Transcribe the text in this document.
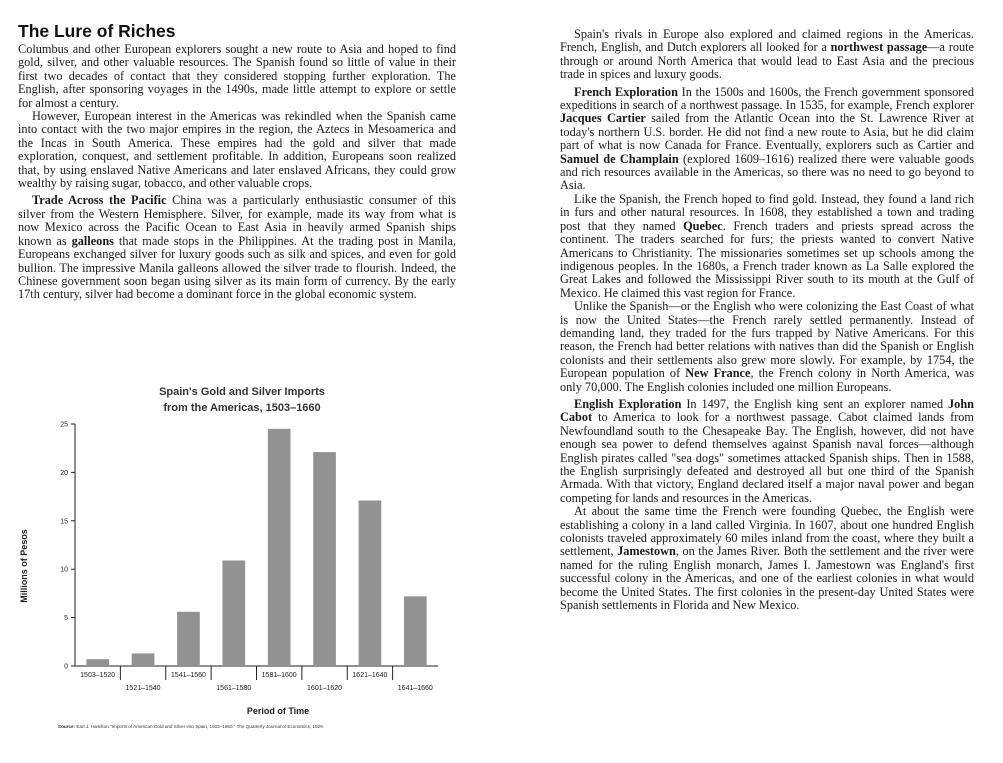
The Lure of Riches

Columbus and other European explorers sought a new route to Asia and hoped to find gold, silver, and other valuable resources. The Spanish found so little of value in their first two decades of contact that they considered stopping further exploration. The English, after sponsoring voyages in the 1490s, made little attempt to explore or settle for almost a century.

However, European interest in the Americas was rekindled when the Spanish came into contact with the two major empires in the region, the Aztecs in Mesoamerica and the Incas in South America. These empires had the gold and silver that made exploration, conquest, and settlement profitable. In addition, Europeans soon realized that, by using enslaved Native Americans and later enslaved Africans, they could grow wealthy by raising sugar, tobacco, and other valuable crops.

Trade Across the Pacific China was a particularly enthusiastic consumer of this silver from the Western Hemisphere. Silver, for example, made its way from what is now Mexico across the Pacific Ocean to East Asia in heavily armed Spanish ships known as galleons that made stops in the Philippines. At the trading post in Manila, Europeans exchanged silver for luxury goods such as silk and spices, and even for gold bullion. The impressive Manila galleons allowed the silver trade to flourish. Indeed, the Chinese government soon began using silver as its main form of currency. By the early 17th century, silver had become a dominant force in the global economic system.

Spain's Gold and Silver Imports
from the Americas, 1503–1660
0
5
10
15
20
25
1503–1520
1521–1540
1541–1560
1561–1580
1581–1600
1601–1620
1621–1640
1641–1660
Period of Time
Millions of Pesos
Source: Earl J. Hamilton "Imports of American Gold and Silver into Spain, 1503–1660." The Quarterly Journal of Economics, 1929.

Spain's rivals in Europe also explored and claimed regions in the Americas. French, English, and Dutch explorers all looked for a northwest passage—a route through or around North America that would lead to East Asia and the precious trade in spices and luxury goods.

French Exploration In the 1500s and 1600s, the French government sponsored expeditions in search of a northwest passage. In 1535, for example, French explorer Jacques Cartier sailed from the Atlantic Ocean into the St. Lawrence River at today's northern U.S. border. He did not find a new route to Asia, but he did claim part of what is now Canada for France. Eventually, explorers such as Cartier and Samuel de Champlain (explored 1609–1616) realized there were valuable goods and rich resources available in the Americas, so there was no need to go beyond to Asia.

Like the Spanish, the French hoped to find gold. Instead, they found a land rich in furs and other natural resources. In 1608, they established a town and trading post that they named Quebec. French traders and priests spread across the continent. The traders searched for furs; the priests wanted to convert Native Americans to Christianity. The missionaries sometimes set up schools among the indigenous peoples. In the 1680s, a French trader known as La Salle explored the Great Lakes and followed the Mississippi River south to its mouth at the Gulf of Mexico. He claimed this vast region for France.

Unlike the Spanish—or the English who were colonizing the East Coast of what is now the United States—the French rarely settled permanently. Instead of demanding land, they traded for the furs trapped by Native Americans. For this reason, the French had better relations with natives than did the Spanish or English colonists and their settlements also grew more slowly. For example, by 1754, the European population of New France, the French colony in North America, was only 70,000. The English colonies included one million Europeans.

English Exploration In 1497, the English king sent an explorer named John Cabot to America to look for a northwest passage. Cabot claimed lands from Newfoundland south to the Chesapeake Bay. The English, however, did not have enough sea power to defend themselves against Spanish naval forces—although English pirates called "sea dogs" sometimes attacked Spanish ships. Then in 1588, the English surprisingly defeated and destroyed all but one third of the Spanish Armada. With that victory, England declared itself a major naval power and began competing for lands and resources in the Americas.

At about the same time the French were founding Quebec, the English were establishing a colony in a land called Virginia. In 1607, about one hundred English colonists traveled approximately 60 miles inland from the coast, where they built a settlement, Jamestown, on the James River. Both the settlement and the river were named for the ruling English monarch, James I. Jamestown was England's first successful colony in the Americas, and one of the earliest colonies in what would become the United States. The first colonies in the present-day United States were Spanish settlements in Florida and New Mexico.
